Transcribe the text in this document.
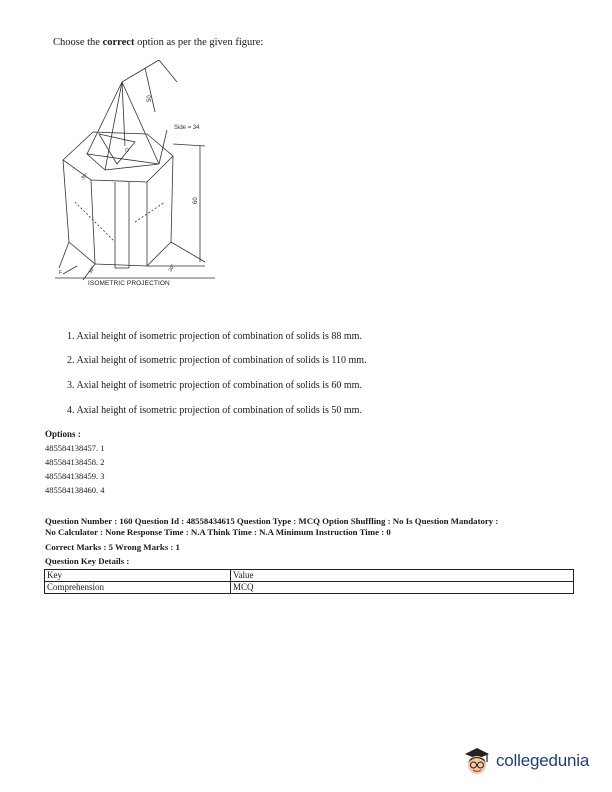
Choose the correct option as per the given figure:
50
Side = 34
60
O
30°
30°	30°
F
ISOMETRIC PROJECTION
1. Axial height of isometric projection of combination of solids is 88 mm.
2. Axial height of isometric projection of combination of solids is 110 mm.
3. Axial height of isometric projection of combination of solids is 60 mm.
4. Axial height of isometric projection of combination of solids is 50 mm.
Options :
485584138457. 1
485584138458. 2
485584138459. 3
485584138460. 4
Question Number : 160 Question Id : 48558434615 Question Type : MCQ Option Shuffling : No Is Question Mandatory :
No Calculator : None Response Time : N.A Think Time : N.A Minimum Instruction Time : 0
Correct Marks : 5 Wrong Marks : 1
Question Key Details :
Key	Value
Comprehension	MCQ
collegedunia
